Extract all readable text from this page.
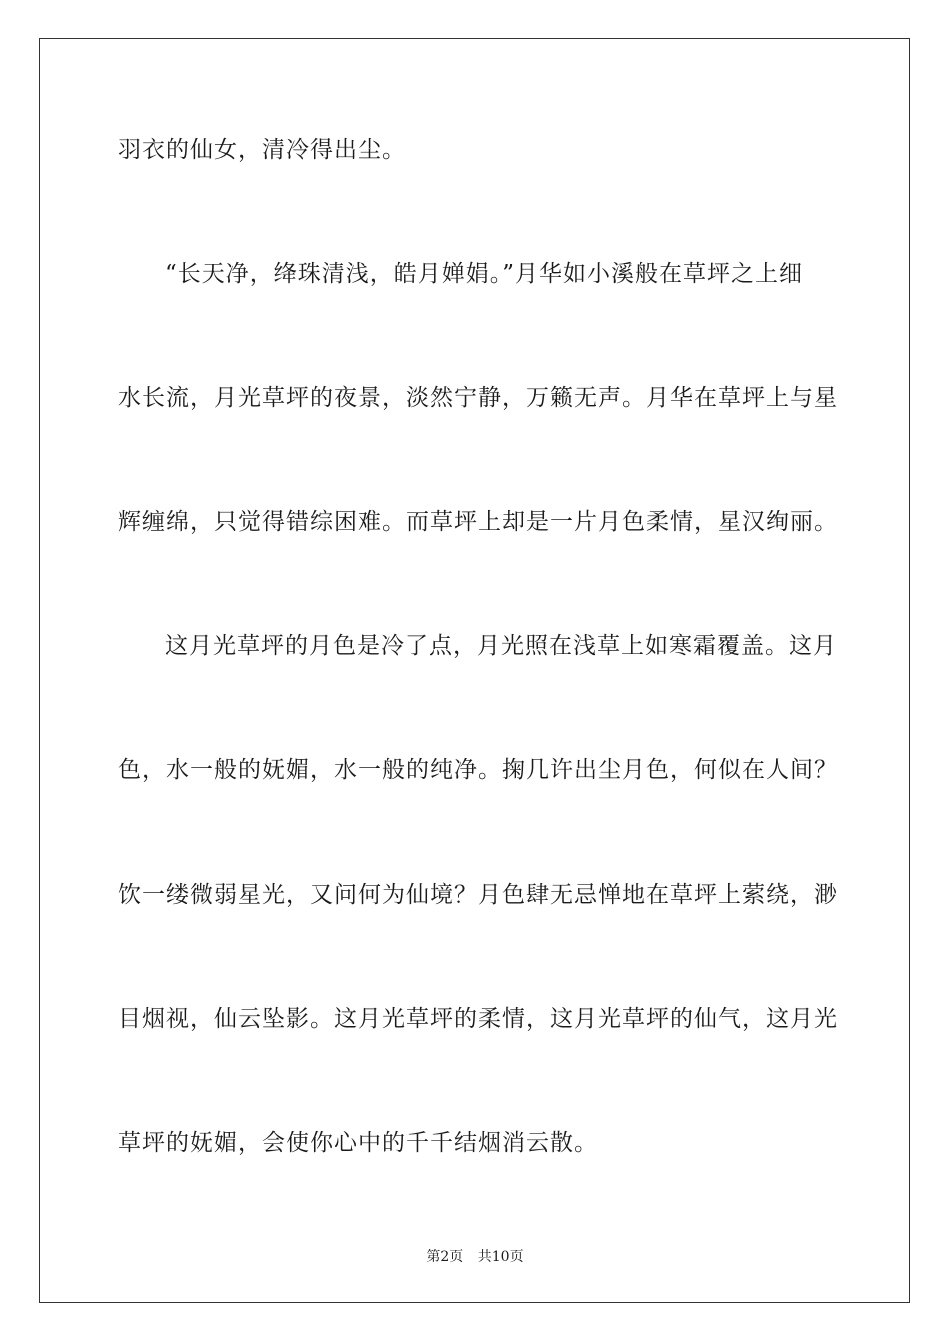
羽衣的仙女，清冷得出尘。
“长天净，绛珠清浅，皓月婵娟。”月华如小溪般在草坪之上细
水长流，月光草坪的夜景，淡然宁静，万籁无声。月华在草坪上与星
辉缠绵，只觉得错综困难。而草坪上却是一片月色柔情，星汉绚丽。
这月光草坪的月色是冷了点，月光照在浅草上如寒霜覆盖。这月
色，水一般的妩媚，水一般的纯净。掬几许出尘月色，何似在人间？
饮一缕微弱星光，又问何为仙境？月色肆无忌惮地在草坪上萦绕，渺
目烟视，仙云坠影。这月光草坪的柔情，这月光草坪的仙气，这月光
草坪的妩媚，会使你心中的千千结烟消云散。
第2页 共10页
